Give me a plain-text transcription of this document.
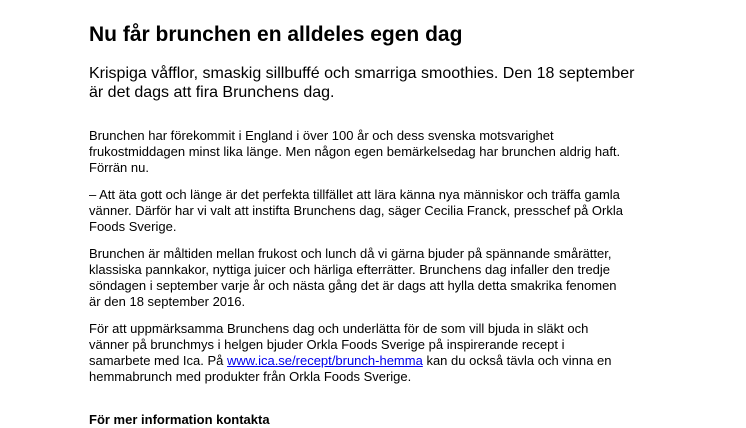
Nu får brunchen en alldeles egen dag

Krispiga våfflor, smaskig sillbuffé och smarriga smoothies. Den 18 september
är det dags att fira Brunchens dag.

Brunchen har förekommit i England i över 100 år och dess svenska motsvarighet
frukostmiddagen minst lika länge. Men någon egen bemärkelsedag har brunchen aldrig haft.
Förrän nu.

– Att äta gott och länge är det perfekta tillfället att lära känna nya människor och träffa gamla
vänner. Därför har vi valt att instifta Brunchens dag, säger Cecilia Franck, presschef på Orkla
Foods Sverige.

Brunchen är måltiden mellan frukost och lunch då vi gärna bjuder på spännande smårätter,
klassiska pannkakor, nyttiga juicer och härliga efterrätter. Brunchens dag infaller den tredje
söndagen i september varje år och nästa gång det är dags att hylla detta smakrika fenomen
är den 18 september 2016.

För att uppmärksamma Brunchens dag och underlätta för de som vill bjuda in släkt och
vänner på brunchmys i helgen bjuder Orkla Foods Sverige på inspirerande recept i
samarbete med Ica. På www.ica.se/recept/brunch-hemma kan du också tävla och vinna en
hemmabrunch med produkter från Orkla Foods Sverige.

För mer information kontakta
